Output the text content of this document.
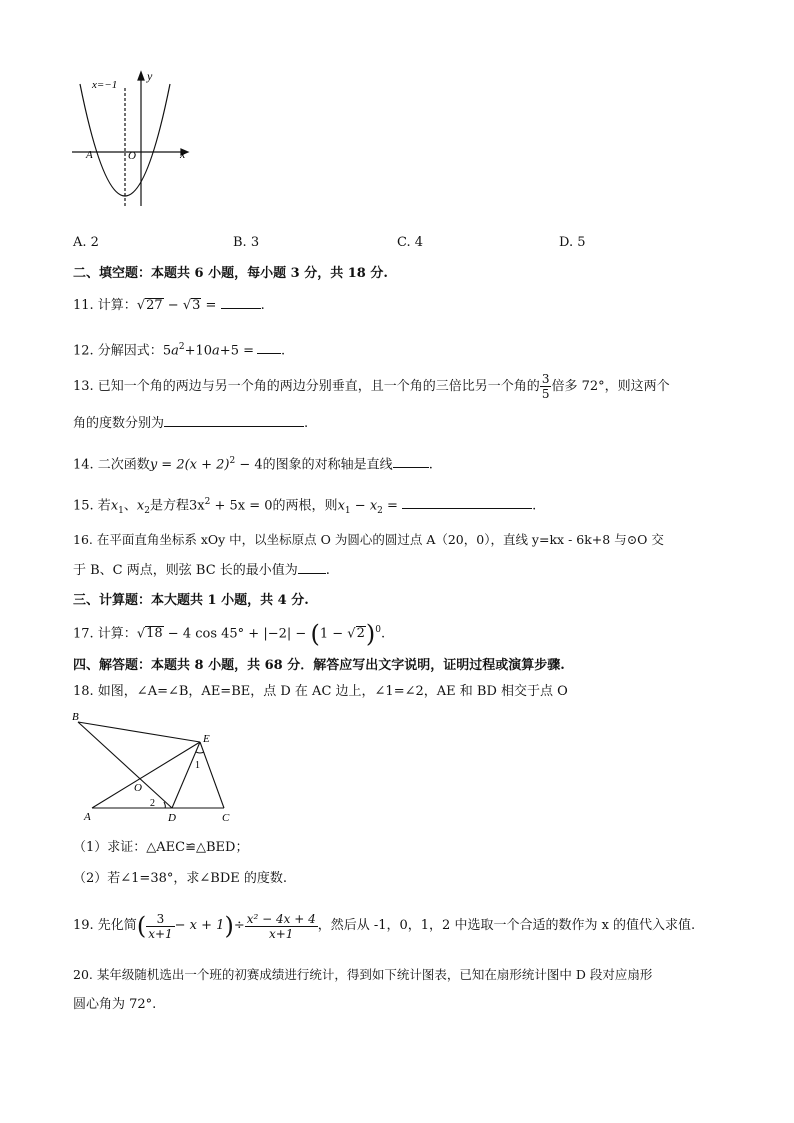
x=−1
y
x
A	O
A. 2	B. 3	C. 4	D. 5
二、填空题：本题共 6 小题，每小题 3 分，共 18 分.
11. 计算：√27 − √3 =	.
12. 分解因式：$5a^2+10a+5$ = .
13. 已知一个角的两边与另一个角的两边分别垂直，且一个角的三倍比另一个角的 $\frac{3}{5}$ 倍多 72°，则这两个
角的度数分别为	.
14. 二次函数$y = 2(x + 2)^2 - 4$的图象的对称轴是直线	.
15. 若$x_1$、$x_2$是方程$3x^2 + 5x = 0$的两根，则$x_1 - x_2$ =	.
16. 在平面直角坐标系 xOy 中，以坐标原点 O 为圆心的圆过点 A（20，0），直线 y=kx - 6k+8 与⊙O 交
于 B、C 两点，则弦 BC 长的最小值为 .
三、计算题：本大题共 1 小题，共 4 分.
17. 计算：√18 − 4 $\cos 45^\circ + |-2| - (1 - √2)^0$.
四、解答题：本题共 8 小题，共 68 分．解答应写出文字说明，证明过程或演算步骤.
18. 如图，∠A=∠B，AE=BE，点 D 在 AC 边上，∠1=∠2，AE 和 BD 相交于点 O
B
E
1
O
2
A	D	C
（1）求证：△AEC≌△BED；
（2）若∠1=38°，求∠BDE 的度数.
19. 先化简 ( $\frac{3}{x+1} - x + 1$ ) ÷ $\frac{\text{x² − 4x + 4}}{x+1}$ ，然后从 -1，0，1，2 中选取一个合适的数作为 x 的值代入求值.
20. 某年级随机选出一个班的初赛成绩进行统计，得到如下统计图表，已知在扇形统计图中 D 段对应扇形
圆心角为 72°.
